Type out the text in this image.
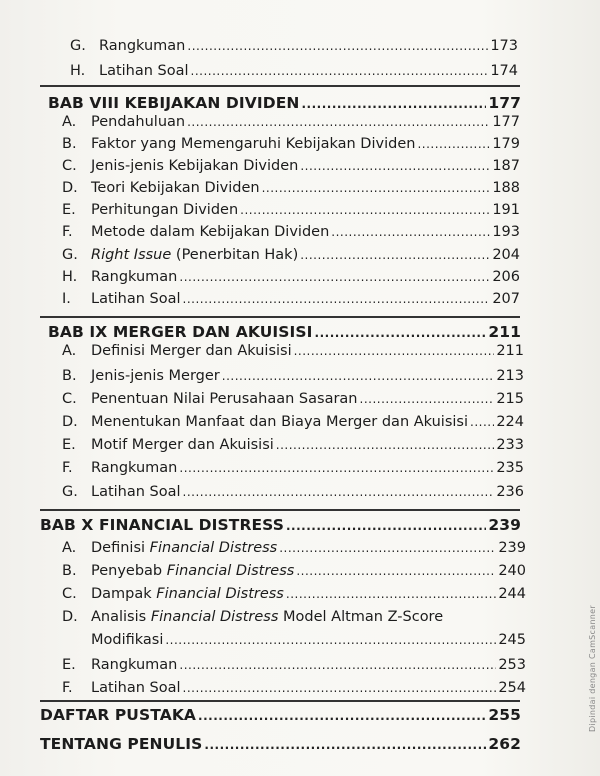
G. Rangkuman .....	173
H. Latihan Soal .....	174
BAB VIII KEBIJAKAN DIVIDEN .....	177
A.	Pendahuluan .....	177
B. Faktor yang Memengaruhi Kebijakan Dividen .....	179
C. Jenis-jenis Kebijakan Dividen .....	187
D. Teori Kebijakan Dividen .....	188
E.	Perhitungan Dividen .....	191
F.	Metode dalam Kebijakan Dividen .....	193
G. Right Issue (Penerbitan Hak) .....	204
H. Rangkuman .....	206
I.	Latihan Soal .....	207
BAB IX MERGER DAN AKUISISI .....	211
A.	Definisi Merger dan Akuisisi .....	211
B. Jenis-jenis Merger .....	213
C. Penentuan Nilai Perusahaan Sasaran .....	215
D. Menentukan Manfaat dan Biaya Merger dan Akuisisi ..... 224
E.	Motif Merger dan Akuisisi .....	233
F.	Rangkuman .....	235
G. Latihan Soal .....	236
BAB X FINANCIAL DISTRESS .....	239
A.	Definisi Financial Distress .....	239
B. Penyebab Financial Distress .....	240
C. Dampak Financial Distress .....	244
D. Analisis Financial Distress Model Altman Z-Score
Modifikasi .....	245
E.	Rangkuman .....	253
F.	Latihan Soal .....	254
DAFTAR PUSTAKA .....	255
TENTANG PENULIS .....	262
Dipindai dengan CamScanner
